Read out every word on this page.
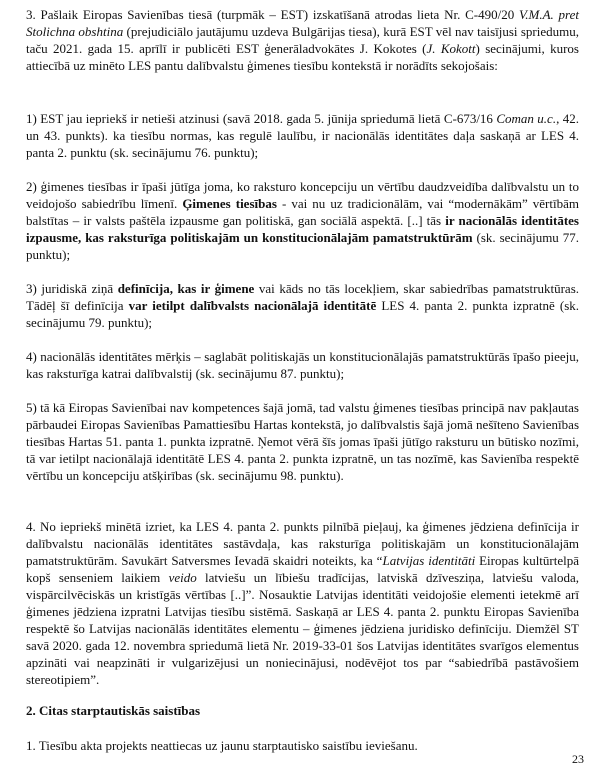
3. Pašlaik Eiropas Savienības tiesā (turpmāk – EST) izskatīšanā atrodas lieta Nr. C-490/20 V.M.A. pret Stolichna obshtina (prejudiciālo jautājumu uzdeva Bulgārijas tiesa), kurā EST vēl nav taisījusi spriedumu, taču 2021. gada 15. aprīlī ir publicēti EST ģenerāladvokātes J. Kokotes (J. Kokott) secinājumi, kuros attiecībā uz minēto LES pantu dalībvalstu ģimenes tiesību kontekstā ir norādīts sekojošais:

1) EST jau iepriekš ir netieši atzinusi (savā 2018. gada 5. jūnija spriedumā lietā C-673/16 Coman u.c., 42. un 43. punkts). ka tiesību normas, kas regulē laulību, ir nacionālās identitātes daļa saskaņā ar LES 4. panta 2. punktu (sk. secinājumu 76. punktu);

2) ģimenes tiesības ir īpaši jūtīga joma, ko raksturo koncepciju un vērtību daudzveidība dalībvalstu un to veidojošo sabiedrību līmenī. Ģimenes tiesības - vai nu uz tradicionālām, vai “modernākām” vērtībām balstītas – ir valsts paštēla izpausme gan politiskā, gan sociālā aspektā. [..] tās ir nacionālās identitātes izpausme, kas raksturīga politiskajām un konstitucionālajām pamatstruktūrām (sk. secinājumu 77. punktu);

3) juridiskā ziņā definīcija, kas ir ģimene vai kāds no tās locekļiem, skar sabiedrības pamatstruktūras. Tādēļ šī definīcija var ietilpt dalībvalsts nacionālajā identitātē LES 4. panta 2. punkta izpratnē (sk. secinājumu 79. punktu);

4) nacionālās identitātes mērķis – saglabāt politiskajās un konstitucionālajās pamatstruktūrās īpašo pieeju, kas raksturīga katrai dalībvalstij (sk. secinājumu 87. punktu);

5) tā kā Eiropas Savienībai nav kompetences šajā jomā, tad valstu ģimenes tiesības principā nav pakļautas pārbaudei Eiropas Savienības Pamattiesību Hartas kontekstā, jo dalībvalstis šajā jomā nešīteno Savienības tiesības Hartas 51. panta 1. punkta izpratnē. Ņemot vērā šīs jomas īpaši jūtīgo raksturu un būtisko nozīmi, tā var ietilpt nacionālajā identitātē LES 4. panta 2. punkta izpratnē, un tas nozīmē, kas Savienība respektē vērtību un koncepciju atšķirības (sk. secinājumu 98. punktu).

4. No iepriekš minētā izriet, ka LES 4. panta 2. punkts pilnībā pieļauj, ka ģimenes jēdziena definīcija ir dalībvalstu nacionālās identitātes sastāvdaļa, kas raksturīga politiskajām un konstitucionālajām pamatstruktūrām. Savukārt Satversmes Ievadā skaidri noteikts, ka “Latvijas identitāti Eiropas kultūrtelpā kopš senseniem laikiem veido latviešu un lībiešu tradīcijas, latviskā dzīvesziņa, latviešu valoda, vispārcilvēciskās un kristīgās vērtības [..]”. Nosauktie Latvijas identitāti veidojošie elementi ietekmē arī ģimenes jēdziena izpratni Latvijas tiesību sistēmā. Saskaņā ar LES 4. panta 2. punktu Eiropas Savienība respektē šo Latvijas nacionālās identitātes elementu – ģimenes jēdziena juridisko definīciju. Diemžēl ST savā 2020. gada 12. novembra spriedumā lietā Nr. 2019-33-01 šos Latvijas identitātes svarīgos elementus apzināti vai neapzināti ir vulgarizējusi un noniecinājusi, nodēvējot tos par “sabiedrībā pastāvošiem stereotipiem”.

2. Citas starptautiskās saistības

1. Tiesību akta projekts neattiecas uz jaunu starptautisko saistību ieviešanu.

23
